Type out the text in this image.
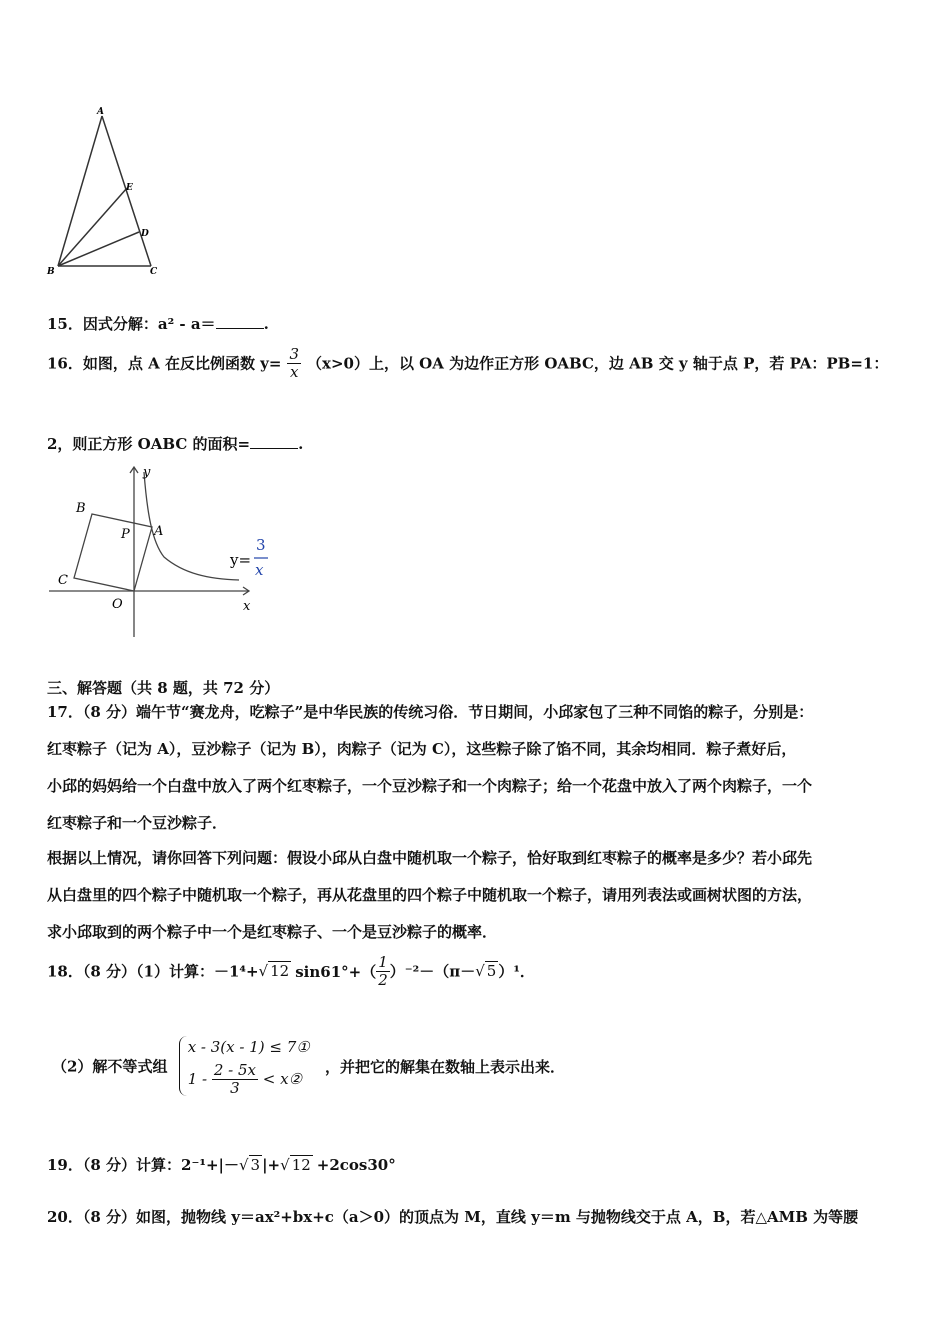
A
E
D
B	C
15．因式分解：a² - a＝	.
16．如图，点 A 在反比例函数 $y= \frac{3}{x} (x>0)$上，以 OA 为边作正方形 OABC，边 AB 交 y 轴于点 P，若 PA：PB=1：
2，则正方形 OABC 的面积=	.
B
P A
C
O	x
y
y=
3
x
三、解答题（共 8 题，共 72 分）
17．（8 分）端午节“赛龙舟，吃粽子”是中华民族的传统习俗．节日期间，小邱家包了三种不同馅的粽子，分别是：
红枣粽子（记为 A），豆沙粽子（记为 B），肉粽子（记为 C），这些粽子除了馅不同，其余均相同．粽子煮好后，
小邱的妈妈给一个白盘中放入了两个红枣粽子，一个豆沙粽子和一个肉粽子；给一个花盘中放入了两个肉粽子，一个
红枣粽子和一个豆沙粽子．
根据以上情况，请你回答下列问题：假设小邱从白盘中随机取一个粽子，恰好取到红枣粽子的概率是多少？若小邱先
从白盘里的四个粽子中随机取一个粽子，再从花盘里的四个粽子中随机取一个粽子，请用列表法或画树状图的方法，
求小邱取到的两个粽子中一个是红枣粽子、一个是豆沙粽子的概率．
18．（8 分）（1）计算：－1⁴+√ 12 $\sin 61^\circ+( \frac{1}{2} )^{-2}-(\pi-√$ 5 ）¹．
（2）解不等式组
x - 3(x - 1) ≤ 7①
$1 - \frac{2 - 5x}{3}$ < x②
，并把它的解集在数轴上表示出来．
19．（8 分）计算：2⁻¹+|－√ 3 |+√ 12 +2cos30°
20．（8 分）如图，抛物线 y＝ax²+bx+c（a＞0）的顶点为 M，直线 y＝m 与抛物线交于点 A，B，若△AMB 为等腰
